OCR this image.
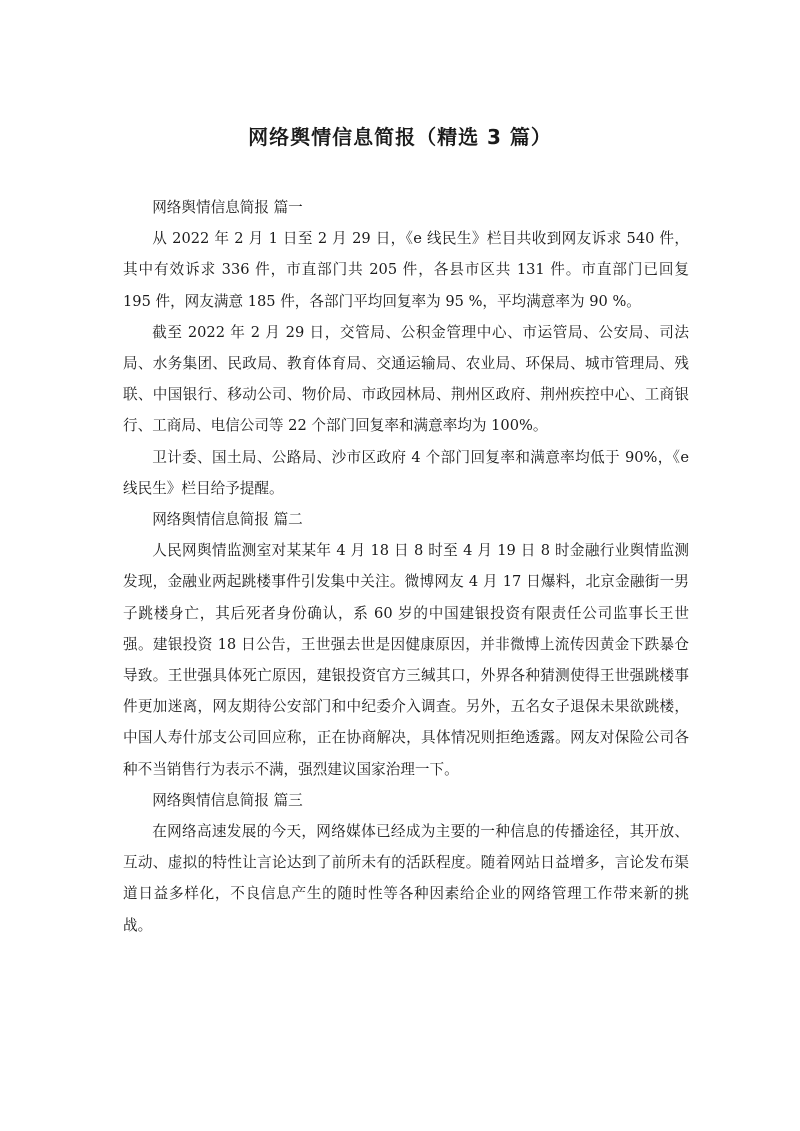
网络舆情信息简报（精选 3 篇）

网络舆情信息简报 篇一

从 2022 年 2 月 1 日至 2 月 29 日，《e 线民生》栏目共收到网友诉求 540 件，其中有效诉求 336 件，市直部门共 205 件，各县市区共 131 件。市直部门已回复 195 件，网友满意 185 件，各部门平均回复率为 95 %，平均满意率为 90 %。

截至 2022 年 2 月 29 日，交管局、公积金管理中心、市运管局、公安局、司法局、水务集团、民政局、教育体育局、交通运输局、农业局、环保局、城市管理局、残联、中国银行、移动公司、物价局、市政园林局、荆州区政府、荆州疾控中心、工商银行、工商局、电信公司等 22 个部门回复率和满意率均为 100%。

卫计委、国土局、公路局、沙市区政府 4 个部门回复率和满意率均低于 90%，《e 线民生》栏目给予提醒。

网络舆情信息简报 篇二

人民网舆情监测室对某某年 4 月 18 日 8 时至 4 月 19 日 8 时金融行业舆情监测发现，金融业两起跳楼事件引发集中关注。微博网友 4 月 17 日爆料，北京金融街一男子跳楼身亡，其后死者身份确认，系 60 岁的中国建银投资有限责任公司监事长王世强。建银投资 18 日公告，王世强去世是因健康原因，并非微博上流传因黄金下跌暴仓导致。王世强具体死亡原因，建银投资官方三缄其口，外界各种猜测使得王世强跳楼事件更加迷离，网友期待公安部门和中纪委介入调查。另外，五名女子退保未果欲跳楼，中国人寿什邡支公司回应称，正在协商解决，具体情况则拒绝透露。网友对保险公司各种不当销售行为表示不满，强烈建议国家治理一下。

网络舆情信息简报 篇三

在网络高速发展的今天，网络媒体已经成为主要的一种信息的传播途径，其开放、互动、虚拟的特性让言论达到了前所未有的活跃程度。随着网站日益增多，言论发布渠道日益多样化，不良信息产生的随时性等各种因素给企业的网络管理工作带来新的挑战。
